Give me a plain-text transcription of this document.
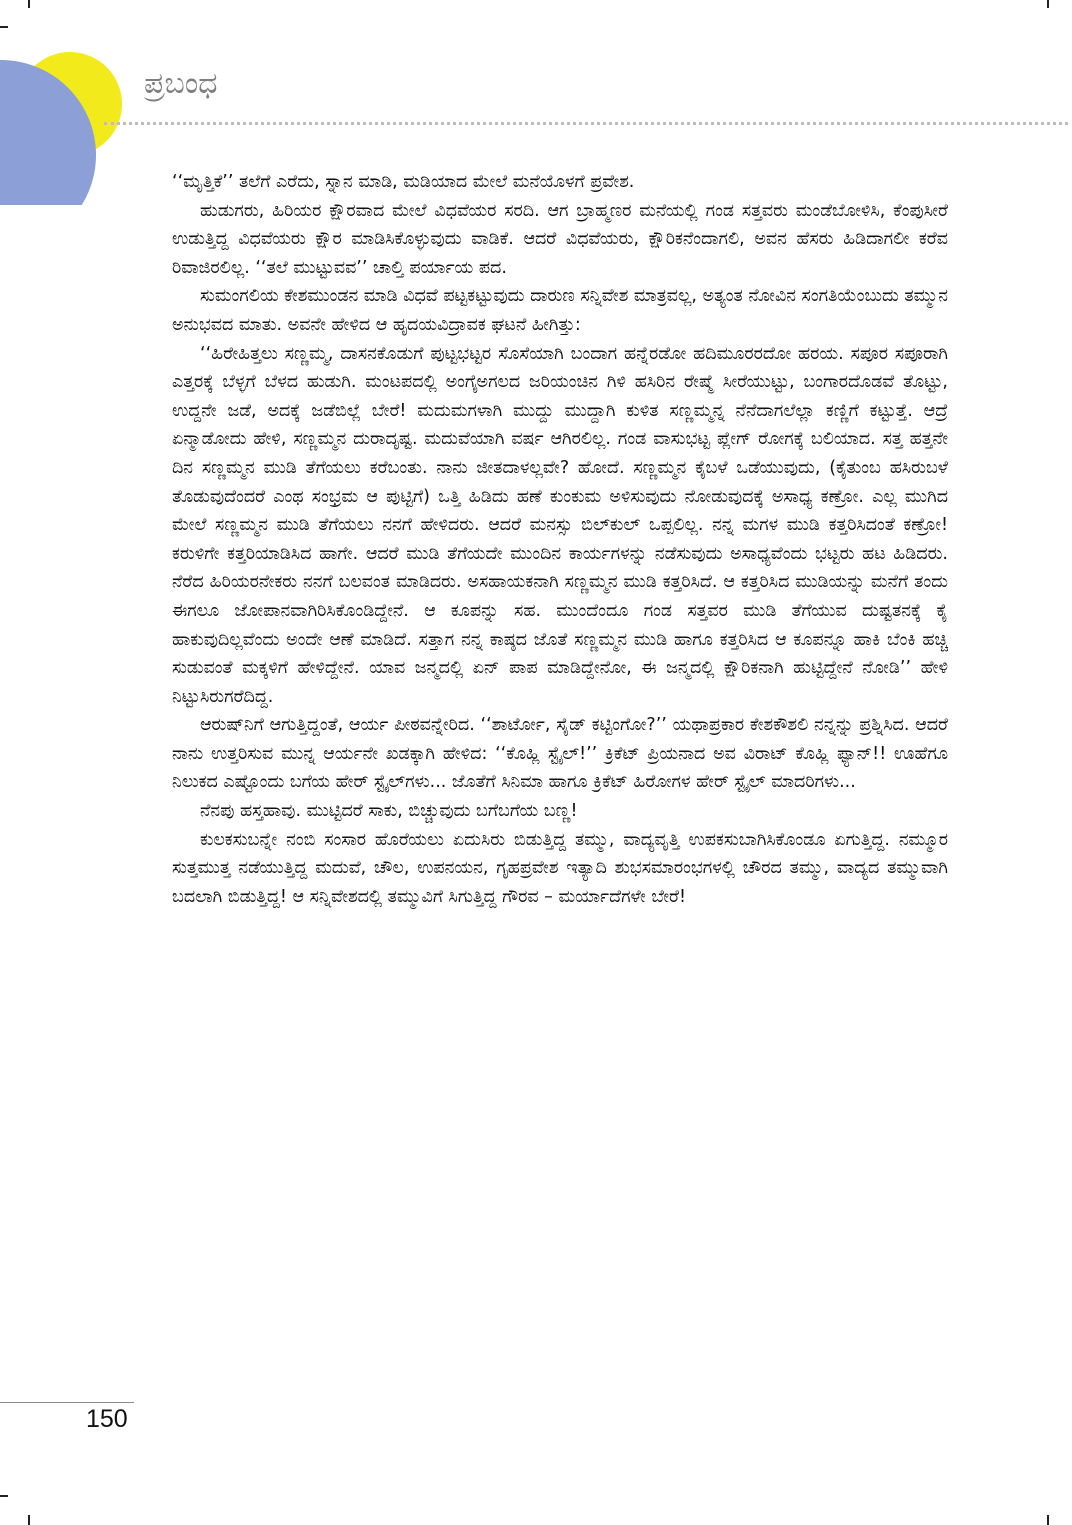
ಪ್ರಬಂಧ

‘‘ಮೃತ್ತಿಕೆ’’ ತಲೆಗೆ ಎರೆದು, ಸ್ನಾನ ಮಾಡಿ, ಮಡಿಯಾದ ಮೇಲೆ ಮನೆಯೊಳಗೆ ಪ್ರವೇಶ.

ಹುಡುಗರು, ಹಿರಿಯರ ಕ್ಷೌರವಾದ ಮೇಲೆ ವಿಧವೆಯರ ಸರದಿ. ಆಗ ಬ್ರಾಹ್ಮಣರ ಮನೆಯಲ್ಲಿ ಗಂಡ ಸತ್ತವರು ಮಂಡೆಬೋಳಿಸಿ, ಕೆಂಪುಸೀರೆ ಉಡುತ್ತಿದ್ದ ವಿಧವೆಯರು ಕ್ಷೌರ ಮಾಡಿಸಿಕೊಳ್ಳುವುದು ವಾಡಿಕೆ. ಆದರೆ ವಿಧವೆಯರು, ಕ್ಷೌರಿಕನೆಂದಾಗಲಿ, ಅವನ ಹೆಸರು ಹಿಡಿದಾಗಲೀ ಕರೆವ ರಿವಾಜಿರಲಿಲ್ಲ. ‘‘ತಲೆ ಮುಟ್ಟುವವ’’ ಚಾಲ್ತಿ ಪರ್ಯಾಯ ಪದ.

ಸುಮಂಗಲಿಯ ಕೇಶಮುಂಡನ ಮಾಡಿ ವಿಧವೆ ಪಟ್ಟಕಟ್ಟುವುದು ದಾರುಣ ಸನ್ನಿವೇಶ ಮಾತ್ರವಲ್ಲ, ಅತ್ಯಂತ ನೋವಿನ ಸಂಗತಿಯೆಂಬುದು ತಮ್ಮುನ ಅನುಭವದ ಮಾತು. ಅವನೇ ಹೇಳಿದ ಆ ಹೃದಯವಿದ್ರಾವಕ ಘಟನೆ ಹೀಗಿತ್ತು:

‘‘ಹಿರೇಹಿತ್ತಲು ಸಣ್ಣಮ್ಮ, ದಾಸನಕೊಡುಗೆ ಪುಟ್ಟಭಟ್ಟರ ಸೊಸೆಯಾಗಿ ಬಂದಾಗ ಹನ್ನೆರಡೋ ಹದಿಮೂರರದೋ ಹರಯ. ಸಪೂರ ಸಪೂರಾಗಿ ಎತ್ತರಕ್ಕೆ ಬೆಳ್ಳಗೆ ಬೆಳದ ಹುಡುಗಿ. ಮಂಟಪದಲ್ಲಿ ಅಂಗೈಅಗಲದ ಜರಿಯಂಚಿನ ಗಿಳಿ ಹಸಿರಿನ ರೇಷ್ಮೆ ಸೀರೆಯುಟ್ಟು, ಬಂಗಾರದೊಡವೆ ತೊಟ್ಟು, ಉದ್ದನೇ ಜಡೆ, ಅದಕ್ಕೆ ಜಡೆಬಿಲ್ಲೆ ಬೇರೆ! ಮದುಮಗಳಾಗಿ ಮುದ್ದು ಮುದ್ದಾಗಿ ಕುಳಿತ ಸಣ್ಣಮ್ಮನ್ನ ನೆನೆದಾಗಲೆಲ್ಲಾ ಕಣ್ಣಿಗೆ ಕಟ್ಟುತ್ತೆ. ಆದ್ರೆ ಏನ್ಮಾಡೋದು ಹೇಳಿ, ಸಣ್ಣಮ್ಮನ ದುರಾದೃಷ್ಟ. ಮದುವೆಯಾಗಿ ವರ್ಷ ಆಗಿರಲಿಲ್ಲ. ಗಂಡ ವಾಸುಭಟ್ಟ ಪ್ಲೇಗ್ ರೋಗಕ್ಕೆ ಬಲಿಯಾದ. ಸತ್ತ ಹತ್ತನೇ ದಿನ ಸಣ್ಣಮ್ಮನ ಮುಡಿ ತೆಗೆಯಲು ಕರೆಬಂತು. ನಾನು ಜೀತದಾಳಲ್ಲವೇ? ಹೋದೆ. ಸಣ್ಣಮ್ಮನ ಕೈಬಳೆ ಒಡೆಯುವುದು, (ಕೈತುಂಬ ಹಸಿರುಬಳೆ ತೊಡುವುದೆಂದರೆ ಎಂಥ ಸಂಭ್ರಮ ಆ ಪುಟ್ಟಿಗೆ) ಒತ್ತಿ ಹಿಡಿದು ಹಣೆ ಕುಂಕುಮ ಅಳಿಸುವುದು ನೋಡುವುದಕ್ಕೆ ಅಸಾಧ್ಯ ಕಣ್ರೋ. ಎಲ್ಲ ಮುಗಿದ ಮೇಲೆ ಸಣ್ಣಮ್ಮನ ಮುಡಿ ತೆಗೆಯಲು ನನಗೆ ಹೇಳಿದರು. ಆದರೆ ಮನಸ್ಸು ಬಿಲ್‌ಕುಲ್ ಒಪ್ಪಲಿಲ್ಲ. ನನ್ನ ಮಗಳ ಮುಡಿ ಕತ್ತರಿಸಿದಂತೆ ಕಣ್ರೋ! ಕರುಳಿಗೇ ಕತ್ತರಿಯಾಡಿಸಿದ ಹಾಗೇ. ಆದರೆ ಮುಡಿ ತೆಗೆಯದೇ ಮುಂದಿನ ಕಾರ್ಯಗಳನ್ನು ನಡೆಸುವುದು ಅಸಾಧ್ಯವೆಂದು ಭಟ್ಟರು ಹಟ ಹಿಡಿದರು. ನೆರೆದ ಹಿರಿಯರನೇಕರು ನನಗೆ ಬಲವಂತ ಮಾಡಿದರು. ಅಸಹಾಯಕನಾಗಿ ಸಣ್ಣಮ್ಮನ ಮುಡಿ ಕತ್ತರಿಸಿದೆ. ಆ ಕತ್ತರಿಸಿದ ಮುಡಿಯನ್ನು ಮನೆಗೆ ತಂದು ಈಗಲೂ ಜೋಪಾನವಾಗಿರಿಸಿಕೊಂಡಿದ್ದೇನೆ. ಆ ಕೂಪನ್ನು ಸಹ. ಮುಂದೆಂದೂ ಗಂಡ ಸತ್ತವರ ಮುಡಿ ತೆಗೆಯುವ ದುಷ್ಟತನಕ್ಕೆ ಕೈ ಹಾಕುವುದಿಲ್ಲವೆಂದು ಅಂದೇ ಆಣೆ ಮಾಡಿದೆ. ಸತ್ತಾಗ ನನ್ನ ಕಾಷ್ಠದ ಜೊತೆ ಸಣ್ಣಮ್ಮನ ಮುಡಿ ಹಾಗೂ ಕತ್ತರಿಸಿದ ಆ ಕೂಪನ್ನೂ ಹಾಕಿ ಬೆಂಕಿ ಹಚ್ಚಿ ಸುಡುವಂತೆ ಮಕ್ಕಳಿಗೆ ಹೇಳಿದ್ದೇನೆ. ಯಾವ ಜನ್ಮದಲ್ಲಿ ಏನ್ ಪಾಪ ಮಾಡಿದ್ದೇನೋ, ಈ ಜನ್ಮದಲ್ಲಿ ಕ್ಷೌರಿಕನಾಗಿ ಹುಟ್ಟಿದ್ದೇನೆ ನೋಡಿ’’ ಹೇಳಿ ನಿಟ್ಟುಸಿರುಗರೆದಿದ್ದ.

ಆರುಷ್‌ನಿಗೆ ಆಗುತ್ತಿದ್ದಂತೆ, ಆರ್ಯ ಪೀಠವನ್ನೇರಿದ. ‘‘ಶಾರ್ಟೋ, ಸೈಡ್ ಕಟ್ಟಿಂಗೋ?’’ ಯಥಾಪ್ರಕಾರ ಕೇಶಕೌಶಲಿ ನನ್ನನ್ನು ಪ್ರಶ್ನಿಸಿದ. ಆದರೆ ನಾನು ಉತ್ತರಿಸುವ ಮುನ್ನ ಆರ್ಯನೇ ಖಡಕ್ಕಾಗಿ ಹೇಳಿದ: ‘‘ಕೊಹ್ಲಿ ಸ್ಟೈಲ್!’’ ಕ್ರಿಕೆಟ್ ಪ್ರಿಯನಾದ ಅವ ವಿರಾಟ್ ಕೊಹ್ಲಿ ಫ್ಯಾನ್!! ಊಹೆಗೂ ನಿಲುಕದ ಎಷ್ಟೊಂದು ಬಗೆಯ ಹೇರ್ ಸ್ಟೈಲ್‌ಗಳು... ಜೊತೆಗೆ ಸಿನಿಮಾ ಹಾಗೂ ಕ್ರಿಕೆಟ್ ಹಿರೋಗಳ ಹೇರ್ ಸ್ಟೈಲ್ ಮಾದರಿಗಳು...

ನೆನಪು ಹಸ್ತಹಾವು. ಮುಟ್ಟಿದರೆ ಸಾಕು, ಬಿಚ್ಚುವುದು ಬಗೆಬಗೆಯ ಬಣ್ಣ!

ಕುಲಕಸುಬನ್ನೇ ನಂಬಿ ಸಂಸಾರ ಹೊರೆಯಲು ಏದುಸಿರು ಬಿಡುತ್ತಿದ್ದ ತಮ್ಮು, ವಾದ್ಯವೃತ್ತಿ ಉಪಕಸುಬಾಗಿಸಿಕೊಂಡೂ ಏಗುತ್ತಿದ್ದ. ನಮ್ಮೂರ ಸುತ್ತಮುತ್ತ ನಡೆಯುತ್ತಿದ್ದ ಮದುವೆ, ಚೌಲ, ಉಪನಯನ, ಗೃಹಪ್ರವೇಶ ಇತ್ಯಾದಿ ಶುಭಸಮಾರಂಭಗಳಲ್ಲಿ ಚೌರದ ತಮ್ಮು, ವಾದ್ಯದ ತಮ್ಮುವಾಗಿ ಬದಲಾಗಿ ಬಿಡುತ್ತಿದ್ದ! ಆ ಸನ್ನಿವೇಶದಲ್ಲಿ ತಮ್ಮುವಿಗೆ ಸಿಗುತ್ತಿದ್ದ ಗೌರವ – ಮರ್ಯಾದೆಗಳೇ ಬೇರೆ!

150
